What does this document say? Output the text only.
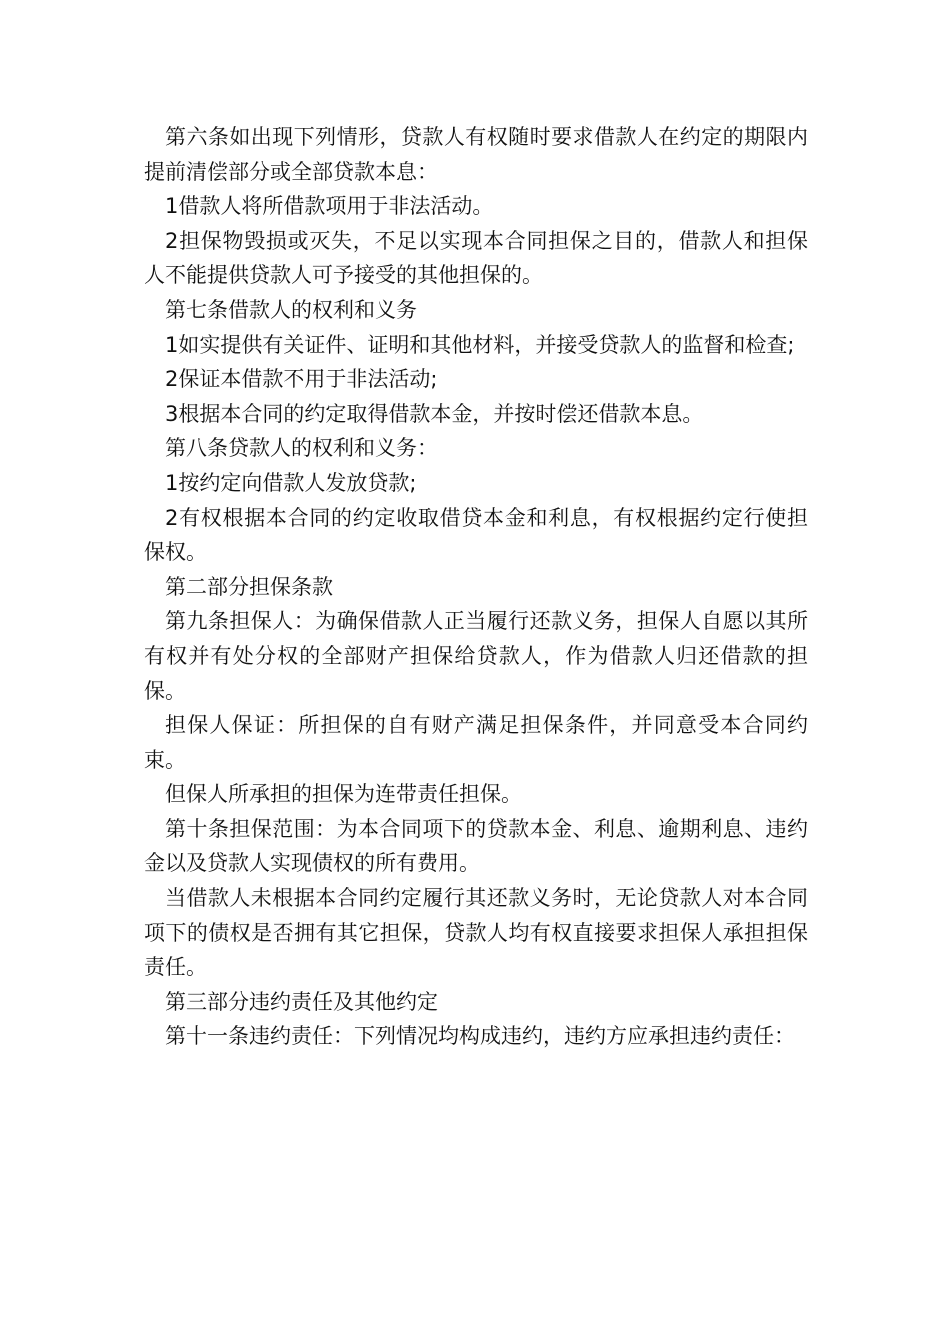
第六条如出现下列情形，贷款人有权随时要求借款人在约定的期限内提前清偿部分或全部贷款本息：

1借款人将所借款项用于非法活动。

2担保物毁损或灭失，不足以实现本合同担保之目的，借款人和担保人不能提供贷款人可予接受的其他担保的。

第七条借款人的权利和义务

1如实提供有关证件、证明和其他材料，并接受贷款人的监督和检查;

2保证本借款不用于非法活动;

3根据本合同的约定取得借款本金，并按时偿还借款本息。

第八条贷款人的权利和义务：

1按约定向借款人发放贷款;

2有权根据本合同的约定收取借贷本金和利息，有权根据约定行使担保权。

第二部分担保条款

第九条担保人：为确保借款人正当履行还款义务，担保人自愿以其所有权并有处分权的全部财产担保给贷款人，作为借款人归还借款的担保。

担保人保证：所担保的自有财产满足担保条件，并同意受本合同约束。

但保人所承担的担保为连带责任担保。

第十条担保范围：为本合同项下的贷款本金、利息、逾期利息、违约金以及贷款人实现债权的所有费用。

当借款人未根据本合同约定履行其还款义务时，无论贷款人对本合同项下的债权是否拥有其它担保，贷款人均有权直接要求担保人承担担保责任。

第三部分违约责任及其他约定

第十一条违约责任：下列情况均构成违约，违约方应承担违约责任：
